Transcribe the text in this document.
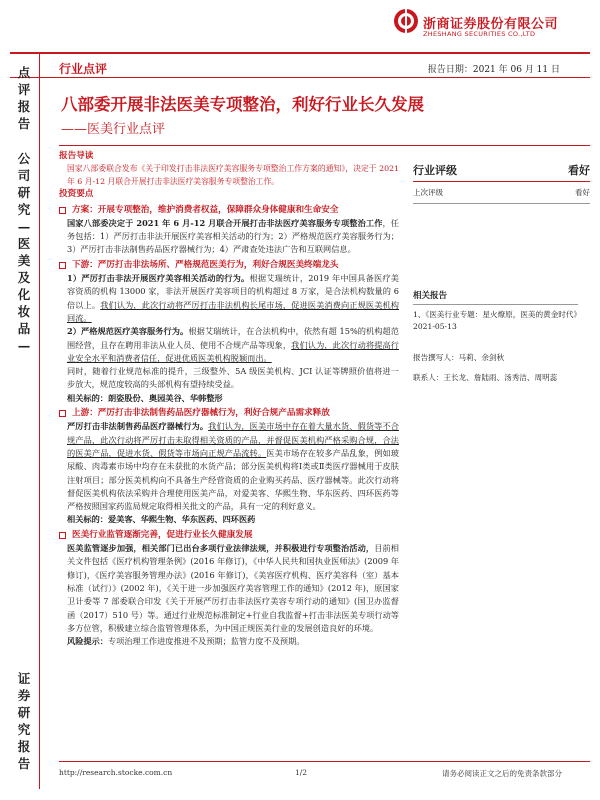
浙商证券股份有限公司
ZHESHANG SECURITIES CO.,LTD
行业点评	报告日期：2021 年 06 月 11 日
点评报告
公司研究—医美及化妆品—
证券研究报告
八部委开展非法医美专项整治，利好行业长久发展
——医美行业点评
报告导读
国家八部委联合发布《关于印发打击非法医疗美容服务专项整治工作方案的通知》，决定于 2021 年 6 月-12 月联合开展打击非法医疗美容服务专项整治工作。
投资要点
方案：开展专项整治，维护消费者权益，保障群众身体健康和生命安全
国家八部委决定于 2021 年 6 月-12 月联合开展打击非法医疗美容服务专项整治工作，任务包括：1）严厉打击非法开展医疗美容相关活动的行为；2）严格规范医疗美容服务行为；3）严厉打击非法制售药品医疗器械行为；4）严肃查处违法广告和互联网信息。
下游：严厉打击非法场所、严格规范医美行为，利好合规医美终端龙头
1）严厉打击非法开展医疗美容相关活动的行为。根据艾瑞统计，2019 年中国具备医疗美容资质的机构 13000 家，非法开展医疗美容项目的机构超过 8 万家，是合法机构数量的 6 倍以上。我们认为，此次行动将严厉打击非法机构长尾市场，促进医美消费向正规医美机构回流。
2）严格规范医疗美容服务行为。根据艾瑞统计，在合法机构中，依然有超 15%的机构超范围经营，且存在聘用非法从业人员、使用不合规产品等现象，我们认为，此次行动将提高行业安全水平和消费者信任，促进优质医美机构脱颖而出。
同时，随着行业规范标准的提升，三级整外、5A 级医美机构、JCI 认证等牌照价值将进一步放大，规范度较高的头部机构有望持续受益。
相关标的：朗姿股份、奥园美谷、华韩整形
上游：严厉打击非法制售药品医疗器械行为，利好合规产品需求释放
严厉打击非法制售药品医疗器械行为。我们认为，医美市场中存在着大量水货、假货等不合规产品，此次行动将严厉打击未取得相关资质的产品，并督促医美机构严格采购合规，合法的医美产品，促进水货、假货等市场向正规产品流转。医美市场存在较多产品乱象，例如玻尿酸、肉毒素市场中均存在未获批的水货产品；部分医美机构将Ⅰ类或Ⅱ类医疗器械用于皮肤注射项目；部分医美机构向不具备生产经营资质的企业购买药品、医疗器械等。此次行动将督促医美机构依法采购并合理使用医美产品，对爱美客、华熙生物、华东医药、四环医药等严格按照国家药监局规定取得相关批文的产品，具有一定的利好意义。
相关标的：爱美客、华熙生物、华东医药、四环医药
医美行业监管逐渐完善，促进行业长久健康发展
医美监管逐步加强，相关部门已出台多项行业法律法规，并积极进行专项整治活动，目前相关文件包括《医疗机构管理条例》(2016 年修订)，《中华人民共和国执业医师法》(2009 年修订)，《医疗美容服务管理办法》(2016 年修订)，《美容医疗机构、医疗美容科（室）基本标准（试行）》(2002 年)，《关于进一步加强医疗美容管理工作的通知》(2012 年)，原国家卫计委等 7 部委联合印发《关于开展严厉打击非法医疗美容专项行动的通知》(国卫办监督函（2017）510 号）等。通过行业规范标准制定+行业自我监督+打击非法医美专项行动等多方位管，积极建立综合监管管理体系，为中国正规医美行业的发展创造良好的环境。
风险提示：专项治理工作进度推进不及预期；监管力度不及预期。
行业评级	看好
上次评级	看好
相关报告
1、《医美行业专题：星火燎原，医美的黄金时代》2021-05-13
报告撰写人：马莉、余剑秋
联系人：王长龙、詹陆雨、汤秀洁、周明蕊
http://research.stocke.com.cn	1/2	请务必阅读正文之后的免责条款部分
